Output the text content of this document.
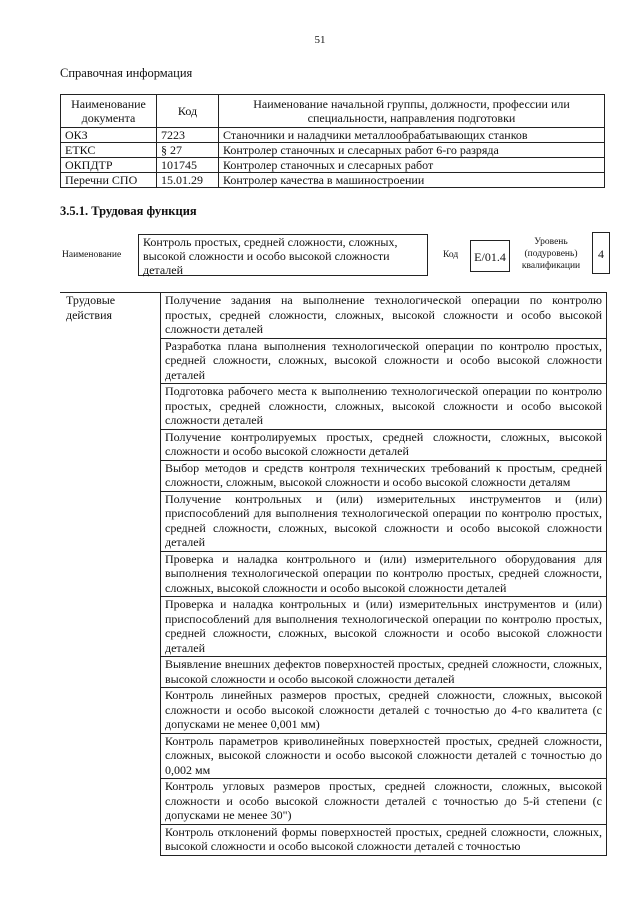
51
Справочная информация
Наименование документа	Код	Наименование начальной группы, должности, профессии или специальности, направления подготовки
ОКЗ	7223	Станочники и наладчики металлообрабатывающих станков
ЕТКС	§ 27	Контролер станочных и слесарных работ 6-го разряда
ОКПДТР	101745	Контролер станочных и слесарных работ
Перечни СПО	15.01.29	Контролер качества в машиностроении
3.5.1. Трудовая функция
Наименование
Контроль простых, средней сложности, сложных, высокой сложности и особо высокой сложности деталей
Код	E/01.4
Уровень (подуровень) квалификации
4
Трудовые действия	Получение задания на выполнение технологической операции по контролю простых, средней сложности, сложных, высокой сложности и особо высокой сложности деталей
Разработка плана выполнения технологической операции по контролю простых, средней сложности, сложных, высокой сложности и особо высокой сложности деталей
Подготовка рабочего места к выполнению технологической операции по контролю простых, средней сложности, сложных, высокой сложности и особо высокой сложности деталей
Получение контролируемых простых, средней сложности, сложных, высокой сложности и особо высокой сложности деталей
Выбор методов и средств контроля технических требований к простым, средней сложности, сложным, высокой сложности и особо высокой сложности деталям
Получение контрольных и (или) измерительных инструментов и (или) приспособлений для выполнения технологической операции по контролю простых, средней сложности, сложных, высокой сложности и особо высокой сложности деталей
Проверка и наладка контрольного и (или) измерительного оборудования для выполнения технологической операции по контролю простых, средней сложности, сложных, высокой сложности и особо высокой сложности деталей
Проверка и наладка контрольных и (или) измерительных инструментов и (или) приспособлений для выполнения технологической операции по контролю простых, средней сложности, сложных, высокой сложности и особо высокой сложности деталей
Выявление внешних дефектов поверхностей простых, средней сложности, сложных, высокой сложности и особо высокой сложности деталей
Контроль линейных размеров простых, средней сложности, сложных, высокой сложности и особо высокой сложности деталей с точностью до 4-го квалитета (с допусками не менее 0,001 мм)
Контроль параметров криволинейных поверхностей простых, средней сложности, сложных, высокой сложности и особо высокой сложности деталей с точностью до 0,002 мм
Контроль угловых размеров простых, средней сложности, сложных, высокой сложности и особо высокой сложности деталей с точностью до 5-й степени (с допусками не менее 30")
Контроль отклонений формы поверхностей простых, средней сложности, сложных, высокой сложности и особо высокой сложности деталей с точностью
